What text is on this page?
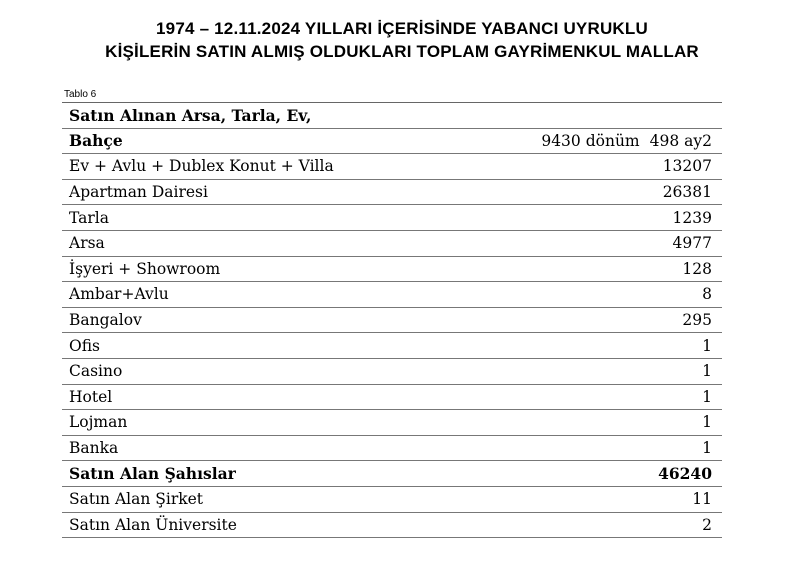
1974 – 12.11.2024 YILLARI İÇERİSİNDE YABANCI UYRUKLU
KİŞİLERİN SATIN ALMIŞ OLDUKLARI TOPLAM GAYRİMENKUL MALLAR
Tablo 6
Satın Alınan Arsa, Tarla, Ev,
Bahçe	9430 dönüm 498 ay2
Ev + Avlu + Dublex Konut + Villa	13207
Apartman Dairesi	26381
Tarla	1239
Arsa	4977
İşyeri + Showroom	128
Ambar+Avlu	8
Bangalov	295
Ofis	1
Casino	1
Hotel	1
Lojman	1
Banka	1
Satın Alan Şahıslar	46240
Satın Alan Şirket	11
Satın Alan Üniversite	2
